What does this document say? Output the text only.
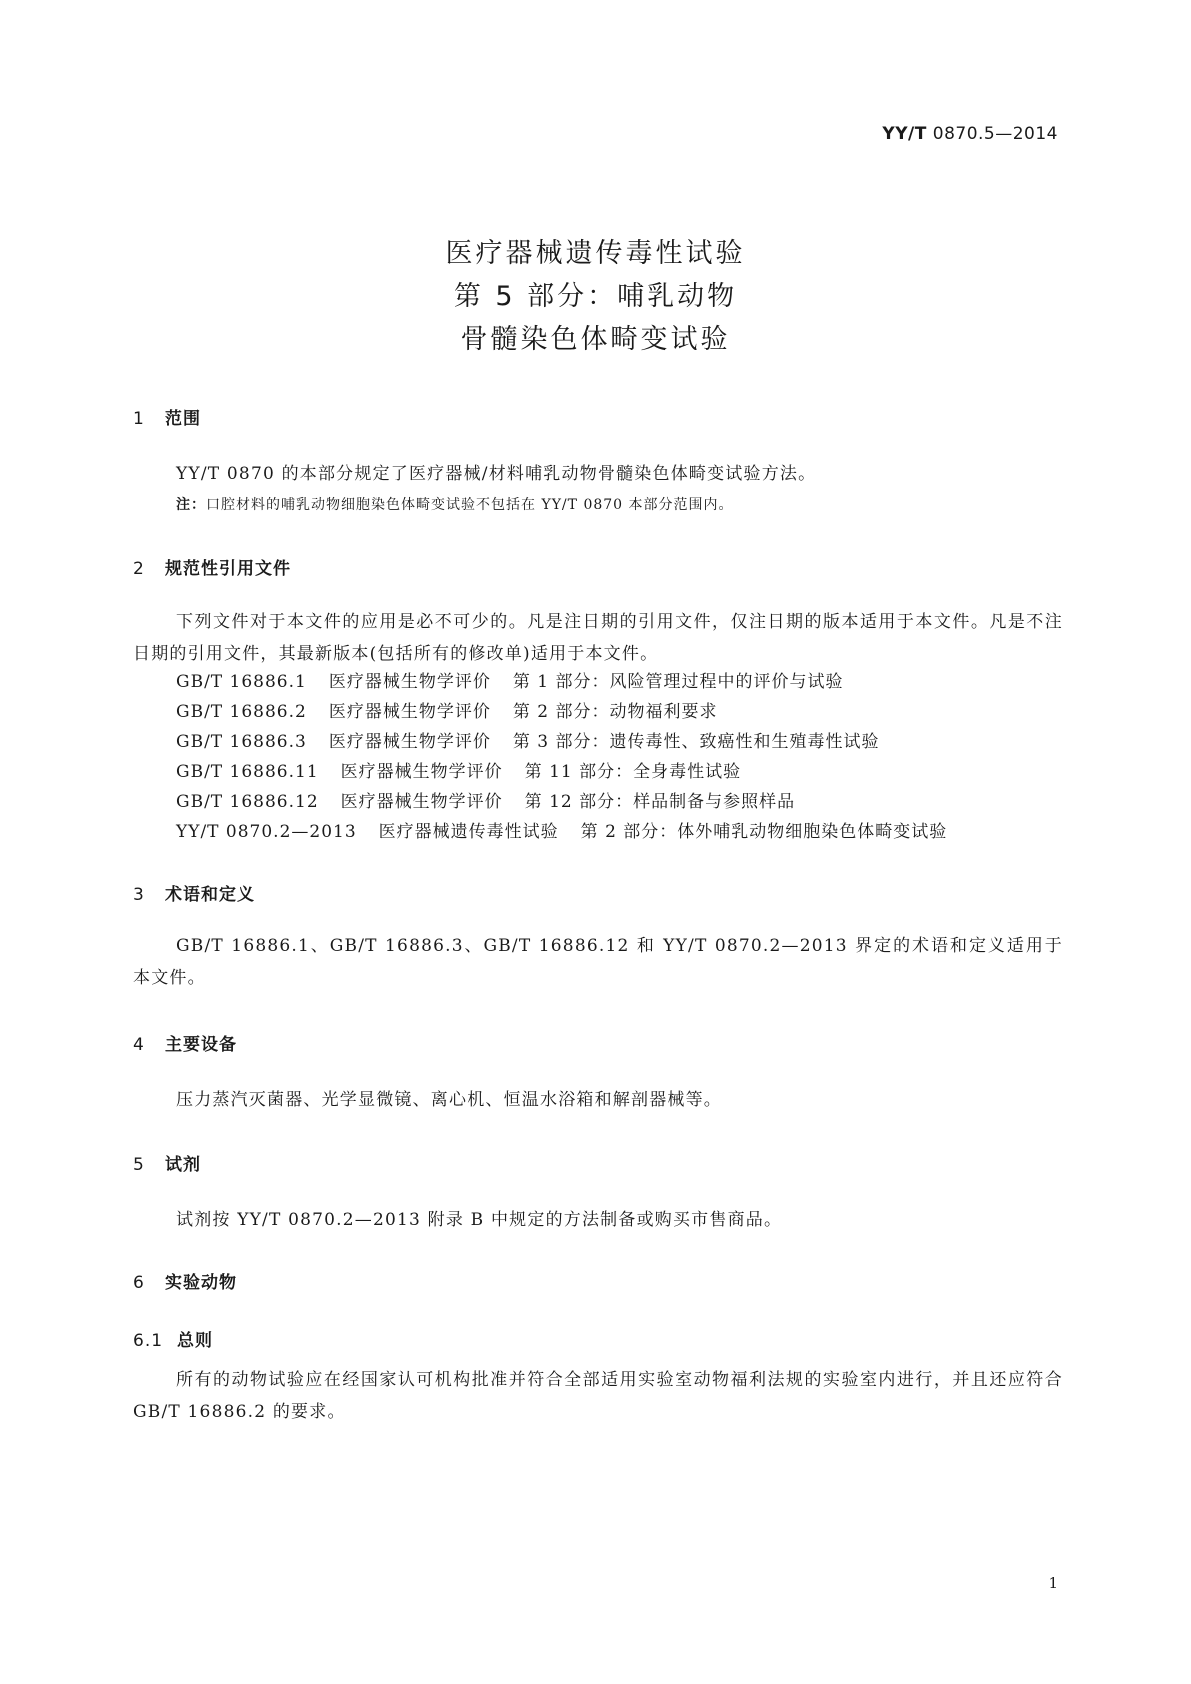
YY/T 0870.5—2014
医疗器械遗传毒性试验
第 5 部分：哺乳动物
骨髓染色体畸变试验
1 范围
YY/T 0870 的本部分规定了医疗器械/材料哺乳动物骨髓染色体畸变试验方法。
注：口腔材料的哺乳动物细胞染色体畸变试验不包括在 YY/T 0870 本部分范围内。
2 规范性引用文件
下列文件对于本文件的应用是必不可少的。凡是注日期的引用文件，仅注日期的版本适用于本文件。凡是不注日期的引用文件，其最新版本(包括所有的修改单)适用于本文件。
GB/T 16886.1 医疗器械生物学评价 第 1 部分：风险管理过程中的评价与试验
GB/T 16886.2 医疗器械生物学评价 第 2 部分：动物福利要求
GB/T 16886.3 医疗器械生物学评价 第 3 部分：遗传毒性、致癌性和生殖毒性试验
GB/T 16886.11 医疗器械生物学评价 第 11 部分：全身毒性试验
GB/T 16886.12 医疗器械生物学评价 第 12 部分：样品制备与参照样品
YY/T 0870.2—2013 医疗器械遗传毒性试验 第 2 部分：体外哺乳动物细胞染色体畸变试验
3 术语和定义
GB/T 16886.1、GB/T 16886.3、GB/T 16886.12 和 YY/T 0870.2—2013 界定的术语和定义适用于本文件。
4 主要设备
压力蒸汽灭菌器、光学显微镜、离心机、恒温水浴箱和解剖器械等。
5 试剂
试剂按 YY/T 0870.2—2013 附录 B 中规定的方法制备或购买市售商品。
6 实验动物
6.1 总则
所有的动物试验应在经国家认可机构批准并符合全部适用实验室动物福利法规的实验室内进行，并且还应符合 GB/T 16886.2 的要求。
1
